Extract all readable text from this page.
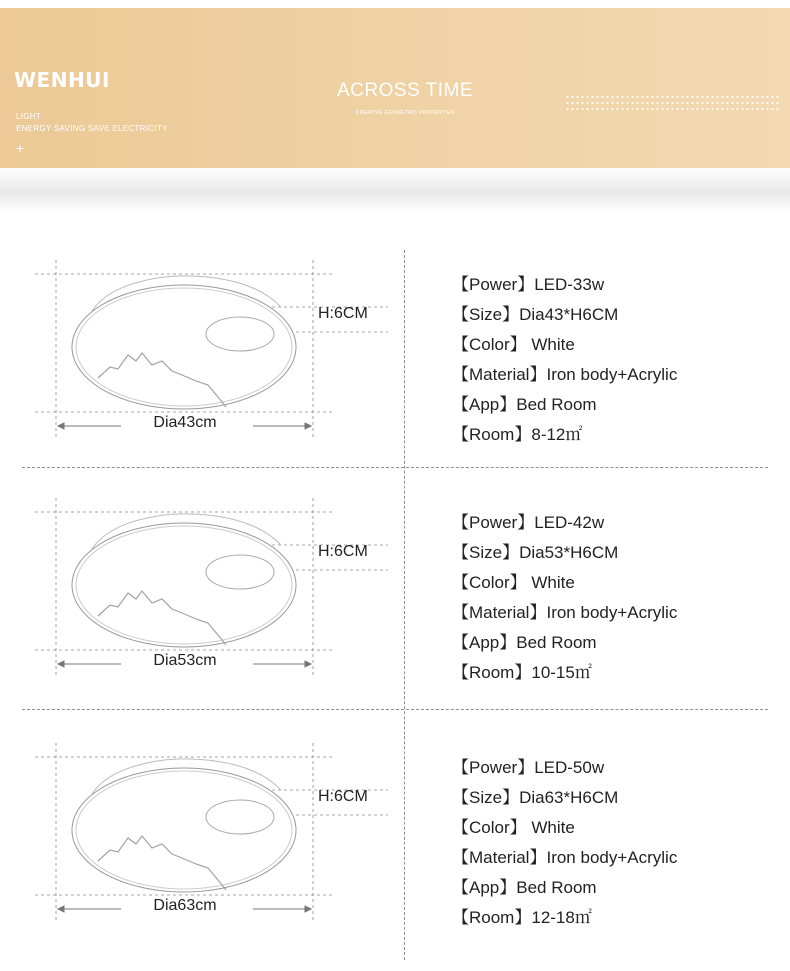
WENHUI
LIGHT
ENERGY SAVING SAVE ELECTRICITY
+
ACROSS TIME
CREATIVE GEOMETRIC PROPERTIES
H:6CM
Dia43cm
【 Power 】 LED-33w
【 Size 】 Dia43*H6CM
【 Color 】 White
【 Material 】 Iron body+Acrylic
【 App 】 Bed Room
【 Room 】 8-12㎡
H:6CM
Dia53cm
【 Power 】 LED-42w
【 Size 】 Dia53*H6CM
【 Color 】 White
【 Material 】 Iron body+Acrylic
【 App 】 Bed Room
【 Room 】 10-15㎡
H:6CM
Dia63cm
【 Power 】 LED-50w
【 Size 】 Dia63*H6CM
【 Color 】 White
【 Material 】 Iron body+Acrylic
【 App 】 Bed Room
【 Room 】 12-18㎡
